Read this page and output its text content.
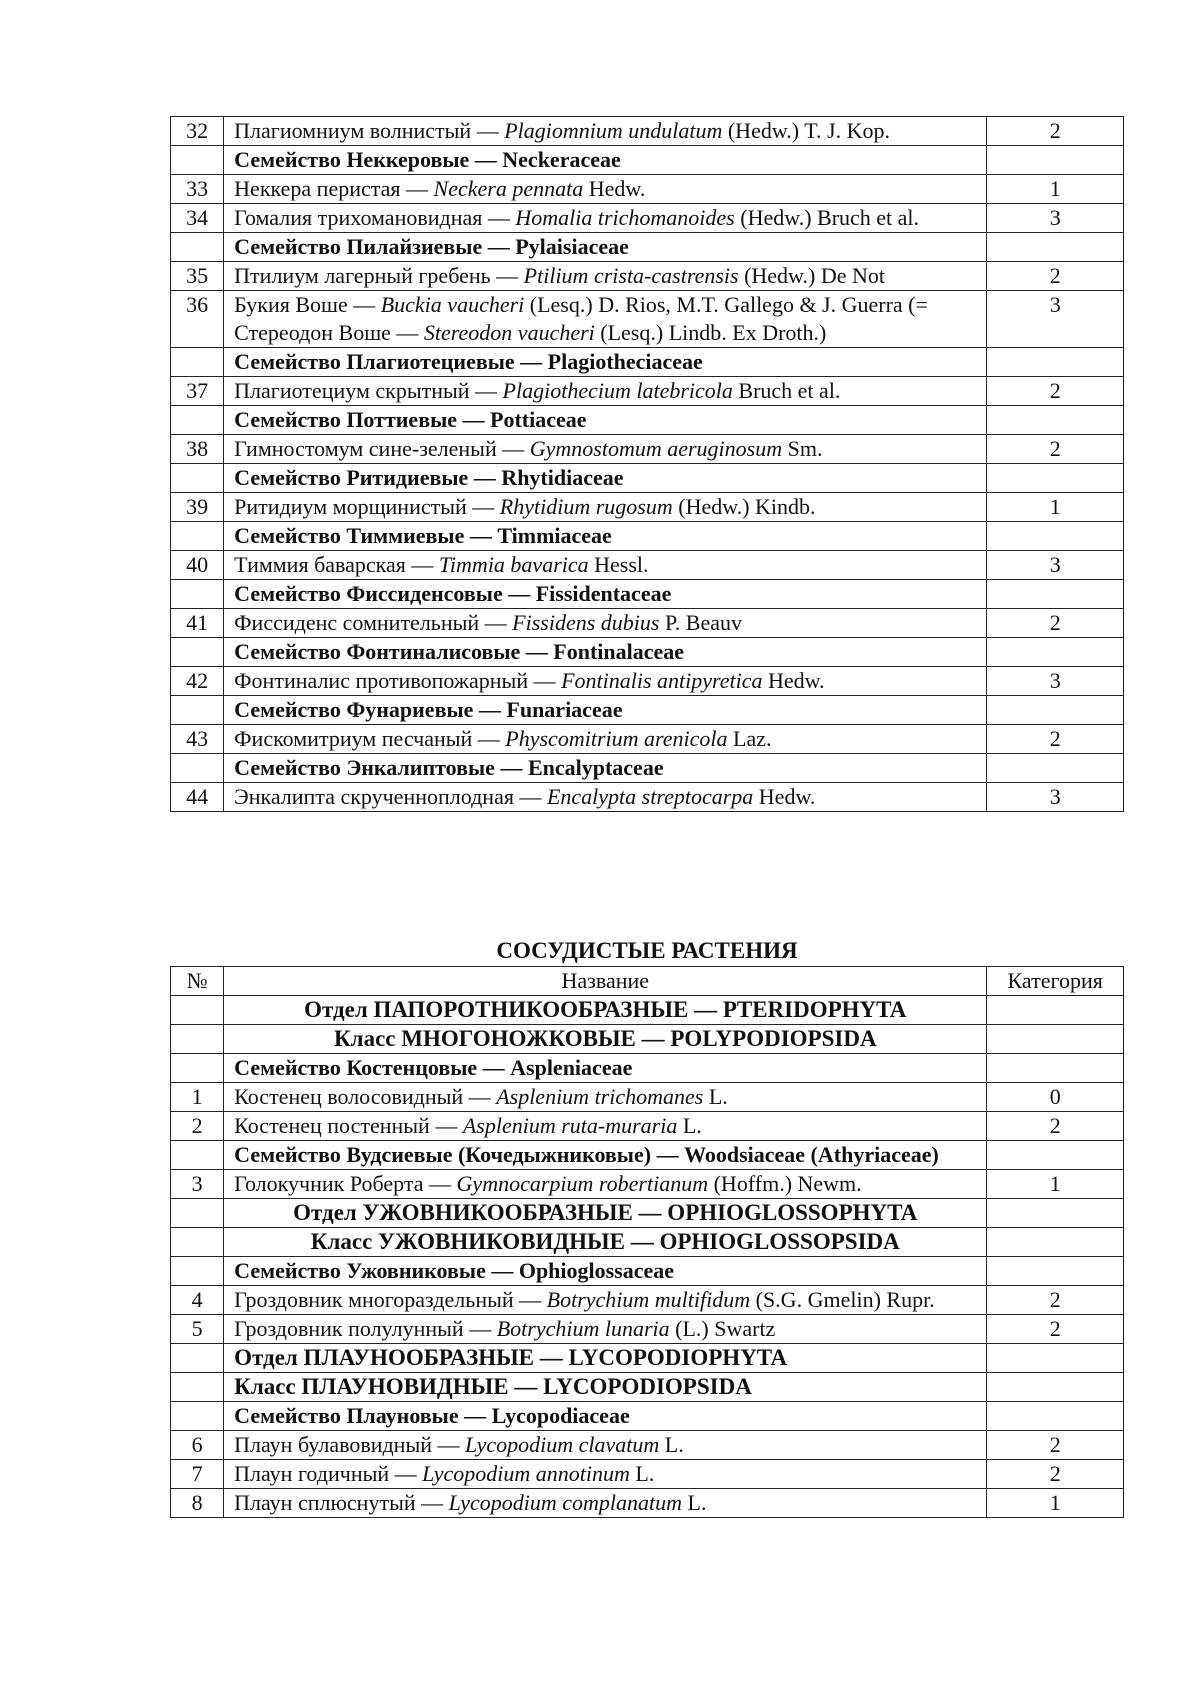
32	Плагиомниум волнистый — Plagiomnium undulatum (Hedw.) T. J. Kop.	2
	Семейство Неккеровые — Neckeraceae	
33	Неккера перистая — Neckera pennata Hedw.	1
34	Гомалия трихомановидная — Homalia trichomanoides (Hedw.) Bruch et al.	3
	Семейство Пилайзиевые — Pylaisiaceae	
35	Птилиум лагерный гребень — Ptilium crista-castrensis (Hedw.) De Not	2
36	Букия Воше — Buckia vaucheri (Lesq.) D. Rios, M.T. Gallego & J. Guerra (= Стереодон Воше — Stereodon vaucheri (Lesq.) Lindb. Ex Droth.)	3
	Семейство Плагиотециевые — Plagiotheciaceae	
37	Плагиотециум скрытный — Plagiothecium latebricola Bruch et al.	2
	Семейство Поттиевые — Pottiaceae	
38	Гимностомум сине-зеленый — Gymnostomum aeruginosum Sm.	2
	Семейство Ритидиевые — Rhytidiaceae	
39	Ритидиум морщинистый — Rhytidium rugosum (Hedw.) Kindb.	1
	Семейство Тиммиевые — Timmiaceae	
40	Тиммия баварская — Timmia bavarica Hessl.	3
	Семейство Фиссиденсовые — Fissidentaceae	
41	Фиссиденс сомнительный — Fissidens dubius P. Beauv	2
	Семейство Фонтиналисовые — Fontinalaceae	
42	Фонтиналис противопожарный — Fontinalis antipyretica Hedw.	3
	Семейство Фунариевые — Funariaceae	
43	Фискомитриум песчаный — Physcomitrium arenicola Laz.	2
	Семейство Энкалиптовые — Encalyptaceae	
44	Энкалипта скрученноплодная — Encalypta streptocarpa Hedw.	3
СОСУДИСТЫЕ РАСТЕНИЯ
№	Название	Категория
	Отдел ПАПОРОТНИКООБРАЗНЫЕ — PTERIDOPHYTA	
	Класс МНОГОНОЖКОВЫЕ — POLYPODIOPSIDA	
	Семейство Костенцовые — Aspleniaceae	
1	Костенец волосовидный — Asplenium trichomanes L.	0
2	Костенец постенный — Asplenium ruta-muraria L.	2
	Семейство Вудсиевые (Кочедыжниковые) — Woodsiaceae (Athyriaceae)	
3	Голокучник Роберта — Gymnocarpium robertianum (Hoffm.) Newm.	1
	Отдел УЖОВНИКООБРАЗНЫЕ — OPHIOGLOSSOPHYTA	
	Класс УЖОВНИКОВИДНЫЕ — OPHIOGLOSSOPSIDA	
	Семейство Ужовниковые — Ophioglossaceae	
4	Гроздовник многораздельный — Botrychium multifidum (S.G. Gmelin) Rupr.	2
5	Гроздовник полулунный — Botrychium lunaria (L.) Swartz	2
	Отдел ПЛАУНООБРАЗНЫЕ — LYCOPODIOPHYTA	
	Класс ПЛАУНОВИДНЫЕ — LYCOPODIOPSIDA	
	Семейство Плауновые — Lycopodiaceae	
6	Плаун булавовидный — Lycopodium clavatum L.	2
7	Плаун годичный — Lycopodium annotinum L.	2
8	Плаун сплюснутый — Lycopodium complanatum L.	1
